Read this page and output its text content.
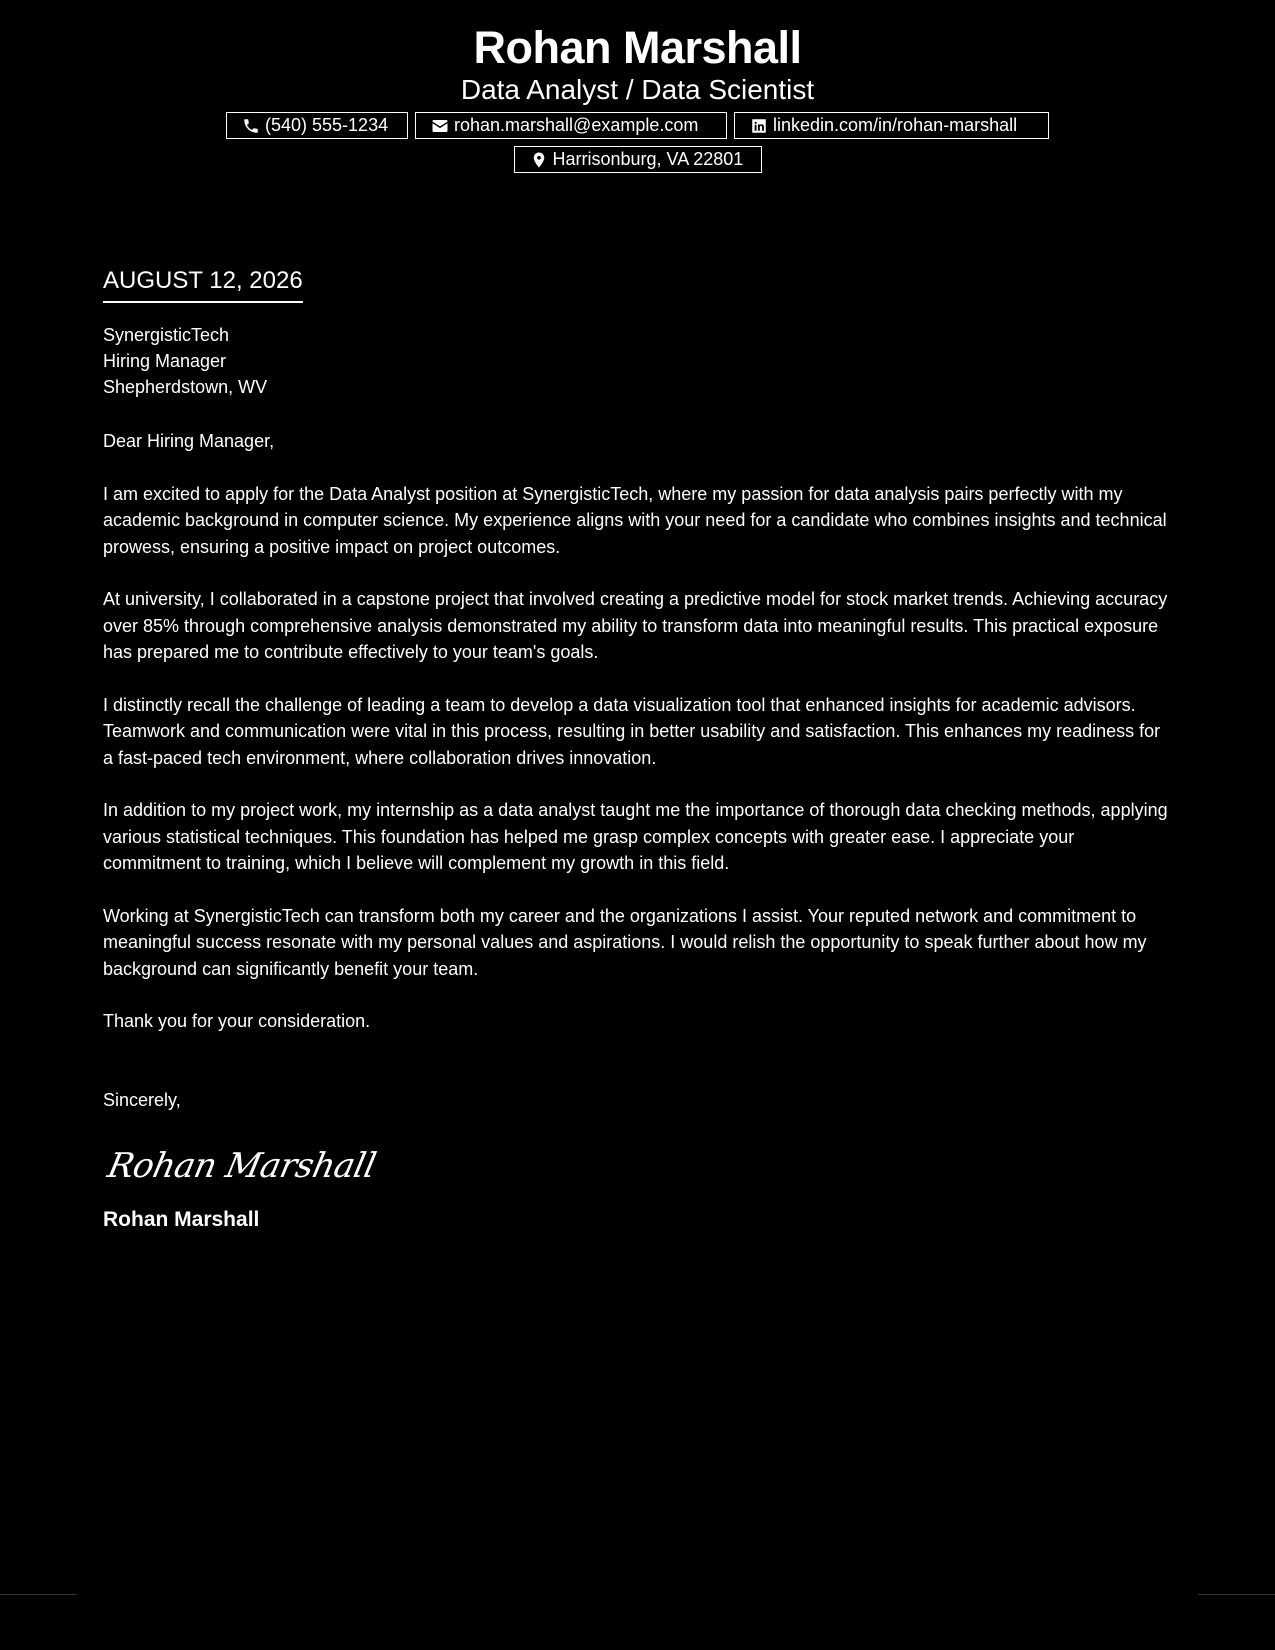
Rohan Marshall
Data Analyst / Data Scientist
(540) 555-1234	rohan.marshall@example.com	linkedin.com/in/rohan-marshall
Harrisonburg, VA 22801
AUGUST 12, 2026
SynergisticTech
Hiring Manager
Shepherdstown, WV
Dear Hiring Manager,

I am excited to apply for the Data Analyst position at SynergisticTech, where my passion for data analysis pairs perfectly with my academic background in computer science. My experience aligns with your need for a candidate who combines insights and technical prowess, ensuring a positive impact on project outcomes.

At university, I collaborated in a capstone project that involved creating a predictive model for stock market trends. Achieving accuracy over 85% through comprehensive analysis demonstrated my ability to transform data into meaningful results. This practical exposure has prepared me to contribute effectively to your team's goals.

I distinctly recall the challenge of leading a team to develop a data visualization tool that enhanced insights for academic advisors. Teamwork and communication were vital in this process, resulting in better usability and satisfaction. This enhances my readiness for a fast-paced tech environment, where collaboration drives innovation.

In addition to my project work, my internship as a data analyst taught me the importance of thorough data checking methods, applying various statistical techniques. This foundation has helped me grasp complex concepts with greater ease. I appreciate your commitment to training, which I believe will complement my growth in this field.

Working at SynergisticTech can transform both my career and the organizations I assist. Your reputed network and commitment to meaningful success resonate with my personal values and aspirations. I would relish the opportunity to speak further about how my background can significantly benefit your team.

Thank you for your consideration.

Sincerely,
Rohan Marshall
Rohan Marshall
